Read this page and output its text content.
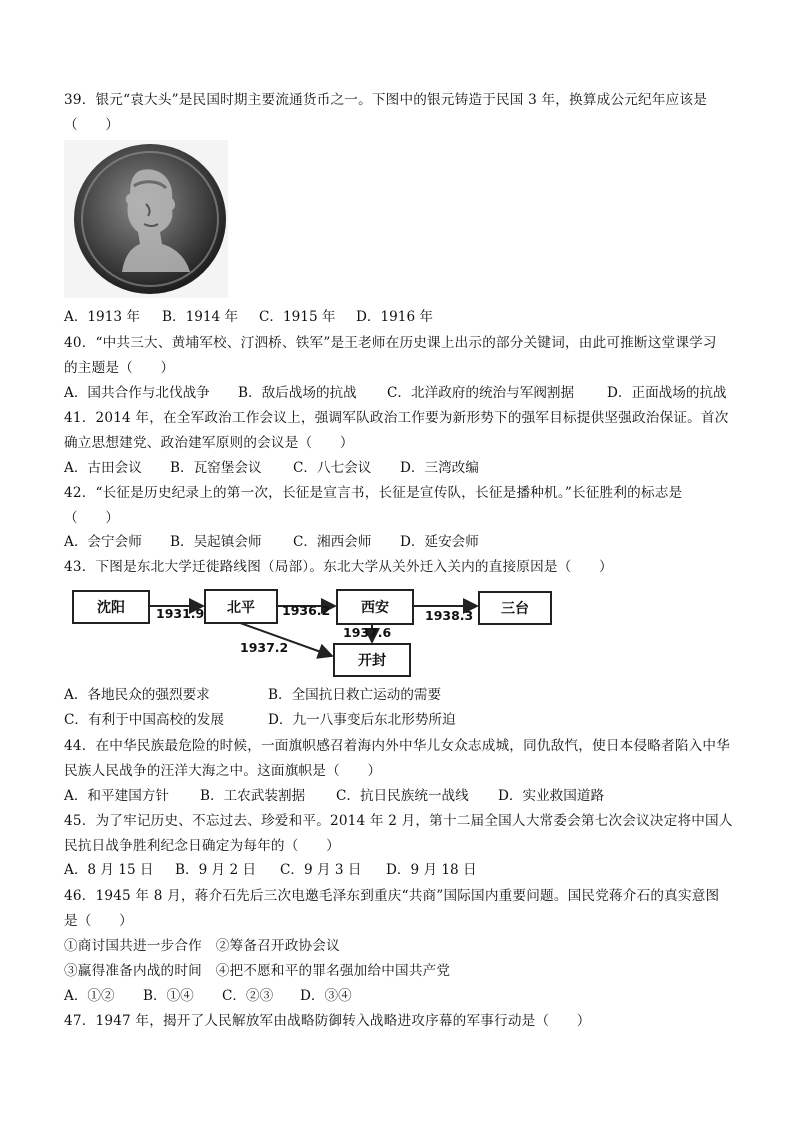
39．银元“袁大头”是民国时期主要流通货币之一。下图中的银元铸造于民国 3 年，换算成公元纪年应该是
（　　）
A．1913 年 B．1914 年 C．1915 年 D．1916 年
40．“中共三大、黄埔军校、汀泗桥、铁军”是王老师在历史课上出示的部分关键词，由此可推断这堂课学习
的主题是（　　）
A．国共合作与北伐战争 B．敌后战场的抗战 C．北洋政府的统治与军阀割据 D．正面战场的抗战
41．2014 年，在全军政治工作会议上，强调军队政治工作要为新形势下的强军目标提供坚强政治保证。首次
确立思想建党、政治建军原则的会议是（　　）
A．古田会议 B．瓦窑堡会议 C．八七会议 D．三湾改编
42．“长征是历史纪录上的第一次，长征是宣言书，长征是宣传队，长征是播种机。”长征胜利的标志是
（　　）
A．会宁会师 B．吴起镇会师 C．湘西会师 D．延安会师
43．下图是东北大学迁徙路线图（局部）。东北大学从关外迁入关内的直接原因是（　　）
沈阳	北平	西安	三台
开封
1931.9	1936.2	1938.3
1937.6
1937.2
A．各地民众的强烈要求	B．全国抗日救亡运动的需要
C．有利于中国高校的发展	D．九一八事变后东北形势所迫
44．在中华民族最危险的时候，一面旗帜感召着海内外中华儿女众志成城，同仇敌忾，使日本侵略者陷入中华
民族人民战争的汪洋大海之中。这面旗帜是（　　）
A．和平建国方针 B．工农武装割据 C．抗日民族统一战线 D．实业救国道路
45．为了牢记历史、不忘过去、珍爱和平。2014 年 2 月，第十二届全国人大常委会第七次会议决定将中国人
民抗日战争胜利纪念日确定为每年的（　　）
A．8 月 15 日 B．9 月 2 日 C．9 月 3 日 D．9 月 18 日
46．1945 年 8 月，蒋介石先后三次电邀毛泽东到重庆“共商”国际国内重要问题。国民党蒋介石的真实意图
是（　　）
①商讨国共进一步合作　②筹备召开政协会议
③赢得准备内战的时间　④把不愿和平的罪名强加给中国共产党
A．①② B．①④ C．②③ D．③④
47．1947 年，揭开了人民解放军由战略防御转入战略进攻序幕的军事行动是（　　）
